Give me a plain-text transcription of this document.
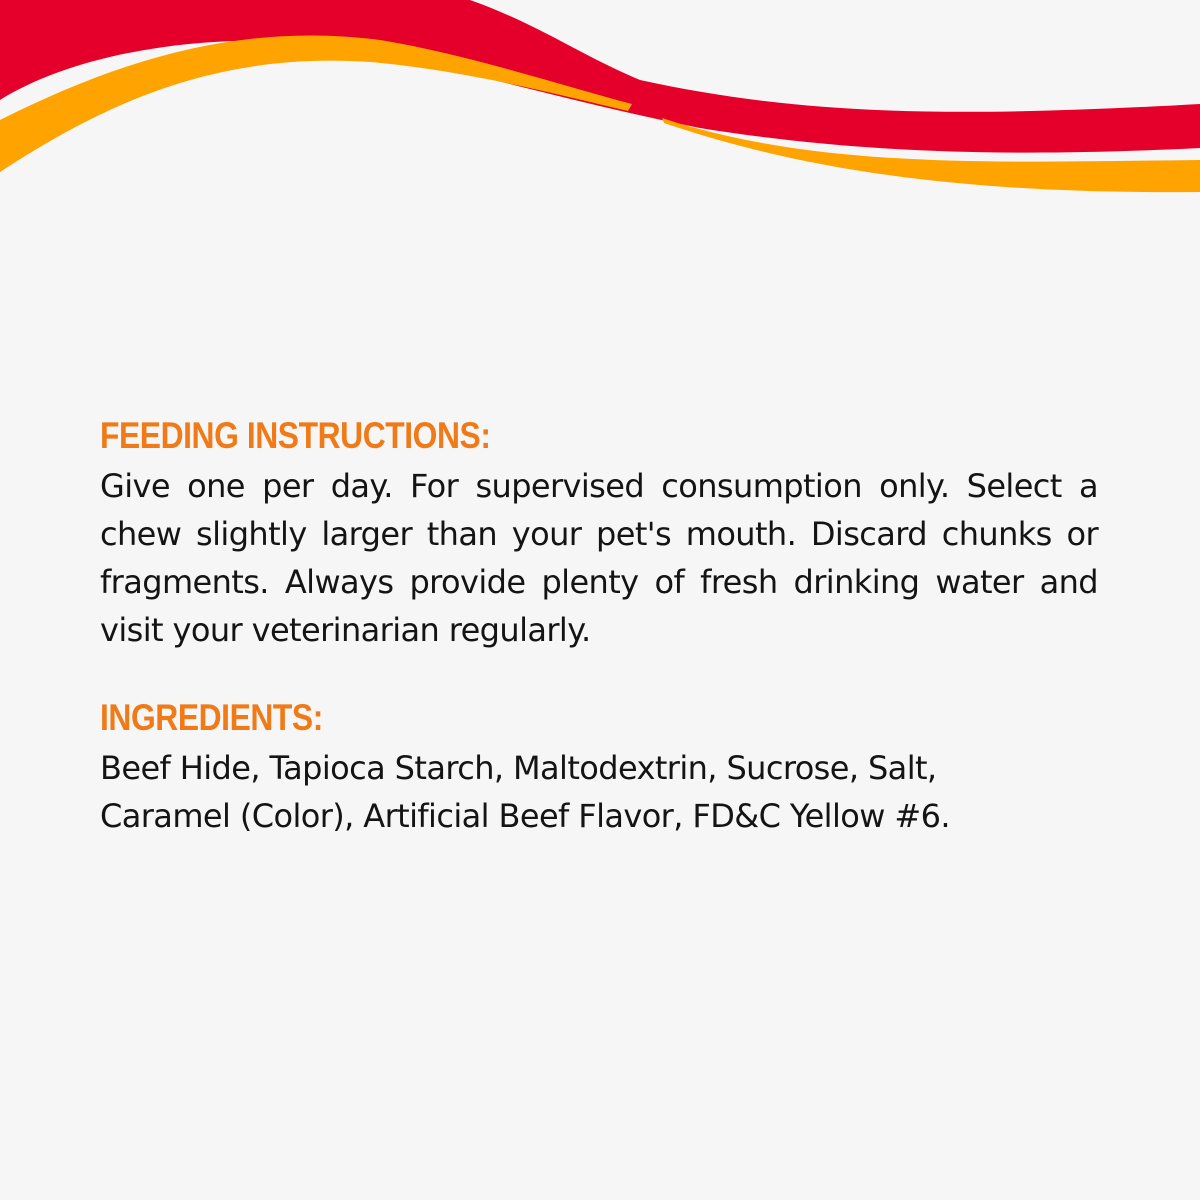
FEEDING INSTRUCTIONS:

Give one per day. For supervised consumption only. Select a chew slightly larger than your pet's mouth. Discard chunks or fragments. Always provide plenty of fresh drinking water and visit your veterinarian regularly.

INGREDIENTS:

Beef Hide, Tapioca Starch, Maltodextrin, Sucrose, Salt,

Caramel (Color), Artificial Beef Flavor, FD&C Yellow #6.
